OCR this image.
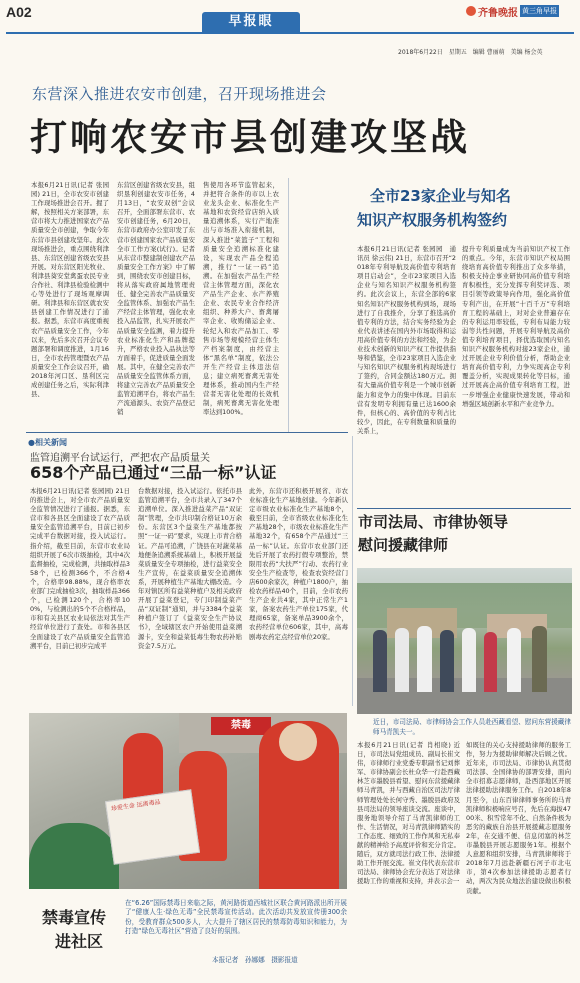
A02
早报眼
齐鲁晚报 黄三角早报
2018年6月22日　星期五　编辑 曹丽萌　美编 杨会英
东营深入推进农安市创建，召开现场推进会
打响农安市县创建攻坚战
本报6月21日讯(记者 张园园) 21日，全市农安市创建工作现场推进会召开。握了解，按照相关方案部署，东营市将大力推进国家农产品质量安全市创建，争取今年东营市县创建攻坚年。此次现场推进会，重点围绕利津县、东营区创建省级农安县开展。对东营区阳光牧业、利津县葵安堂禽蛋农民专业合作社、利津县检验检测中心等处进行了现场观摩调研。利津县和东营区就农安县创建工作情况进行了通报。据悉，东营市高度重视农产品质量安全工作，今年以来，先后多次召开会议专题部署和调度推进，1月16日，全市农药管理暨农产品质量安全工作会议召开，确2018年河口区、垦利区完成创建任务之后，实际利津县、
东营区创建省级农安县，组织垦利创建农安市任务，4月13日，“农安双创”会议召开，全面部署东营市、农安市创建任务，6月20日，东营市政府办公室印发了东营市创建国家农产品质量安全市工作方案(试行)。记者从东营市整建制创建农产品质量安全工作方案》中了解到，围绕农安市创建目标，将从落实政府属地管理责任、健全完善农产品质量安全监管体系、加强农产品生产经营主体管理，强化农业投入品监管，扎实开展农产品质量安全监测，着力提升农业标准化生产和品牌提升，严格农业投入品执法等方面着手，促进质量全面发展。其中，在健全完善农产品质量安全监管体系方面，将建立完善农产品质量安全监管追溯平台，将农产品生产流通源头、农资产品登记销
售使用各环节监管起来，并把符合条件的市以上农业龙头企业、标准化生产基地和农资经营店纳入质量追溯体系，实行产地准出与市场准入衔接机制，深入推进“菜篮子”工程和质量安全追溯标准化建设，实现农产品全程追溯，推行“一证一码”追溯。在加强农产品生产经营主体管理方面，深化农产品生产企业、水产养殖企业、农民专业合作经济组织、种养大户、畜禽屠宰企业、收购储运企业、轮纪入和农产品加工、零售市场等规模经营主体生产档案制度，由经营主体“黑名单”制度，依法公开生产经营主体违法信息；建立病死畜禽无害处理体系，推动国内生产经营者无害化处理的长效机制，病死畜禽无害化处理率达到100%。
全市23家企业与知名
知识产权服务机构签约
本报6月21日讯(记者 张园园　通讯员 徐云伟) 21日，东营市召开“2018年专利导航及高价值专利培育项目启动会”，全市23家项目入选企业与知名知识产权服务机构签约。此次会议上，东营全部的6家知名知识产权服务机构到场，现场进行了自我推介，分享了推选高价值专利的方法，结合实务经验为企业代表讲述在国内外市场取得和运用高价值专利的方法和经验，为企业技术创新的知识产权工作提供指导和借鉴，全市23家项目入选企业与知名知识产权服务机构现场进行了签约，合同金额达180万元。拥有大量高价值专利是一个城市创新能力和竞争力的集中体现。目前东营有发明专利拥有量已达1600余件，但核心的、高价值的专利占比较少，因此，在专利数量和质量的关系上，
提升专利质量成为当前知识产权工作的重点。今年，东营市知识产权局围绕培育高价值专利推出了众多举措，积极支持企事业研协同高价值专利培育积极性，充分发挥专利奖评选、项目引领等政策导向作用，强化高价值专利产出，在开展“十百千万”专利培育工程的基础上，对对企业普遍存在的专利运用率较低，专利布局能力较弱等共性问题，开展专利导航及高价值专利培育项目，择优选取国内知名知识产权服务机构对接23家企业，通过开展企业专利价值分析，帮助企业培育高价值专利，力争实现高企专利覆盖分析，实现成果转化等目标，通过开展高企高价值专利培育工程，进一步增强企业健康快速发展，带动和增强区域创新水平和产业竞争力。
●相关新闻
监管追溯平台试运行，严把农产品质量关
658个产品已通过“三品一标”认证
本报6月21日讯(记者 张园园) 21日的推进会上，对全市农产品质量安全监管情况进行了通报。据悉，东营市和各县区全面建设了农产品质量安全监管追溯平台，目前已初步完成平台数据对接，投入试运行。指介绍，截至目前，东营市农业局组织开展了6次市级抽检，其中4次监督抽检，完成检测，共抽取样品358个，已检测366个，不合格4个，合格率98.88%，现合格率农业部门完成抽检3次，抽取样品366个，已检测120个，合格率100%，与检测出的5个不合格样品，市和有关县区农业局依法对其生产经营单位进行了查处。市和各县区全面建设了农产品质量安全监管追溯平台，目前已初步完成平
台数据对接，投入试运行。依托市县监管追溯平台，全市共录入了347个追溯单位。深入推进益菜产品“双证制”管理，全市共印制合格证10万余份。东营区3个益菜生产基地都按照“一证一码”要求，实现上市青合格证。产品可追溯，广饶县在对蔬菜基地便条追溯系统基础上，积极开展益菜质量安全专项抽检，进行益菜安全生产宣传，在益菜质量安全追溯体系，开展种植生产基地大棚改造。今年对镇区所有益菜种植户及相关政府开展了益菜登记，专门印制益菜产品“双证制”通知，并与3384个益菜种植户签订了《益菜安全生产协议书》，全域辖区农户开始使用益菜溯源卡，安全和益菜低毒生物农药补贴资金7.5万元。
此外，东营市还积极开展省、市农业标准化生产基地创建。今年新认定市级农业标准化生产基地8个，截至目前，全市省级农业标准化生产基地28个，市级农业标准化生产基地32个，有658个产品通过“三品一标”认证。东营市农业部门还先后开展了农药打假专项整治，禁限用农药“大扶严”行动、农药行业安全生产检查等，检查农资经营门店600余家次，种植户1800户，抽检农药样品40个，目前，全市农药生产企业共4家，其中正常生产1家，备案农药生产单位175家，代理商65家，备案单品3900余个，农药经营单位606家，其中，高毒剧毒农药定点经营单位20家。
市司法局、市律协领导
慰问援藏律师
近日，市司法局、市律师协会工作人员赴西藏看望、慰问东营援藏律师马青凯夫一。
本报6月21日讯(记者 肖相晓) 近日，市司法局党组成员、副局长崔文伟，市律师行业党委专职副书记刘葬军、市律协副会长杜众华一行赴西藏林芝市墨脱县看望、慰问东营援藏律师马青凯，并与西藏自治区司法厅律师管理处处长何守秀、墨脱县政府及县司法局的领导座谈交流。座谈中，服务地领导介绍了马青凯律师的工作、生活情况，对马青凯律师踏实的工作态度、细致的工作作风和无私奉献的精神给予高度评价和充分肯定。随后，双方就司法行政工作、法律援助工作开展交流。崔文伟代表东营市司法局、律师协会充分表达了对法律援助工作的重视和支持，并表示会一
如既往的关心支持援助律师的服务工作，努力为援助律师解决后顾之忧。近年来，市司法局、市律协认真贯彻司法部、全国律协的部署安排，面向全市招募志愿律师，赴西部地区开展法律援助法律服务工作。自2018年8月至今，山东百律律师事务所的马青凯律师积极响应号召，先后在海拔4700米、积雪常年不化、自然条件极为恶劣的藏族自治县开展援藏志愿服务2年，在交通不便、信息闭塞的林芝市墨脱县开展志愿服务1年。根据个人意愿和组织安排，马青凯律师将于2018年7月远赴新疆石河子市北屯市，第4次参加法律援助志愿者行动，两次为民众地法治建设做出积极贡献。
禁毒
珍爱生命 远离毒品
禁毒宣传
进社区
在“6.26”国际禁毒日来临之际，黄河路街道西城社区联合黄河路派出所开展了“健康人生·绿色无毒”全民禁毒宣传活动。此次活动共发放宣传册300余份，受教育群众500多人，大大提升了辖区居民的禁毒防毒知识和能力，为打造“绿色无毒社区”营造了良好的氛围。
本报记者　孙娜娜　摄影报道
